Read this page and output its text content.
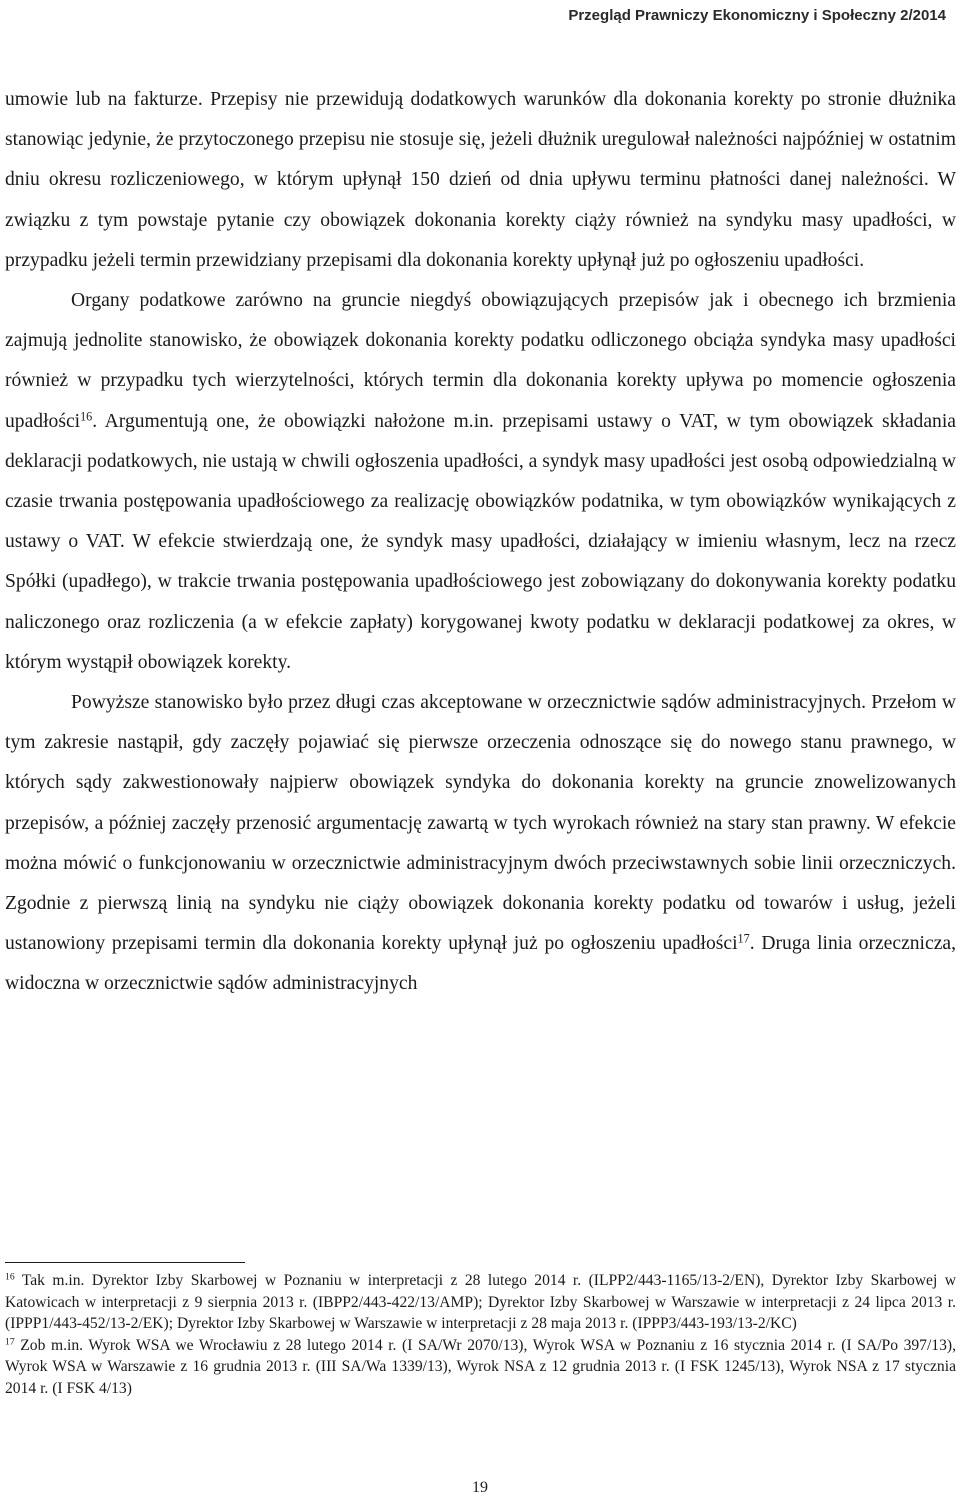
Przegląd Prawniczy Ekonomiczny i Społeczny 2/2014

umowie lub na fakturze. Przepisy nie przewidują dodatkowych warunków dla dokonania korekty po stronie dłużnika stanowiąc jedynie, że przytoczonego przepisu nie stosuje się, jeżeli dłużnik uregulował należności najpóźniej w ostatnim dniu okresu rozliczeniowego, w którym upłynął 150 dzień od dnia upływu terminu płatności danej należności. W związku z tym powstaje pytanie czy obowiązek dokonania korekty ciąży również na syndyku masy upadłości, w przypadku jeżeli termin przewidziany przepisami dla dokonania korekty upłynął już po ogłoszeniu upadłości.

Organy podatkowe zarówno na gruncie niegdyś obowiązujących przepisów jak i obecnego ich brzmienia zajmują jednolite stanowisko, że obowiązek dokonania korekty podatku odliczonego obciąża syndyka masy upadłości również w przypadku tych wierzytelności, których termin dla dokonania korekty upływa po momencie ogłoszenia upadłości$^{16}$. Argumentują one, że obowiązki nałożone m.in. przepisami ustawy o VAT, w tym obowiązek składania deklaracji podatkowych, nie ustają w chwili ogłoszenia upadłości, a syndyk masy upadłości jest osobą odpowiedzialną w czasie trwania postępowania upadłościowego za realizację obowiązków podatnika, w tym obowiązków wynikających z ustawy o VAT. W efekcie stwierdzają one, że syndyk masy upadłości, działający w imieniu własnym, lecz na rzecz Spółki (upadłego), w trakcie trwania postępowania upadłościowego jest zobowiązany do dokonywania korekty podatku naliczonego oraz rozliczenia (a w efekcie zapłaty) korygowanej kwoty podatku w deklaracji podatkowej za okres, w którym wystąpił obowiązek korekty.

Powyższe stanowisko było przez długi czas akceptowane w orzecznictwie sądów administracyjnych. Przełom w tym zakresie nastąpił, gdy zaczęły pojawiać się pierwsze orzeczenia odnoszące się do nowego stanu prawnego, w których sądy zakwestionowały najpierw obowiązek syndyka do dokonania korekty na gruncie znowelizowanych przepisów, a później zaczęły przenosić argumentację zawartą w tych wyrokach również na stary stan prawny. W efekcie można mówić o funkcjonowaniu w orzecznictwie administracyjnym dwóch przeciwstawnych sobie linii orzeczniczych. Zgodnie z pierwszą linią na syndyku nie ciąży obowiązek dokonania korekty podatku od towarów i usług, jeżeli ustanowiony przepisami termin dla dokonania korekty upłynął już po ogłoszeniu upadłości$^{17}$. Druga linia orzecznicza, widoczna w orzecznictwie sądów administracyjnych

$^{16}$ Tak m.in. Dyrektor Izby Skarbowej w Poznaniu w interpretacji z 28 lutego 2014 r. (ILPP2/443-1165/13-2/EN), Dyrektor Izby Skarbowej w Katowicach w interpretacji z 9 sierpnia 2013 r. (IBPP2/443-422/13/AMP); Dyrektor Izby Skarbowej w Warszawie w interpretacji z 24 lipca 2013 r. (IPPP1/443-452/13-2/EK); Dyrektor Izby Skarbowej w Warszawie w interpretacji z 28 maja 2013 r. (IPPP3/443-193/13-2/KC)

$^{17}$ Zob m.in. Wyrok WSA we Wrocławiu z 28 lutego 2014 r. (I SA/Wr 2070/13), Wyrok WSA w Poznaniu z 16 stycznia 2014 r. (I SA/Po 397/13), Wyrok WSA w Warszawie z 16 grudnia 2013 r. (III SA/Wa 1339/13), Wyrok NSA z 12 grudnia 2013 r. (I FSK 1245/13), Wyrok NSA z 17 stycznia 2014 r. (I FSK 4/13)

19
